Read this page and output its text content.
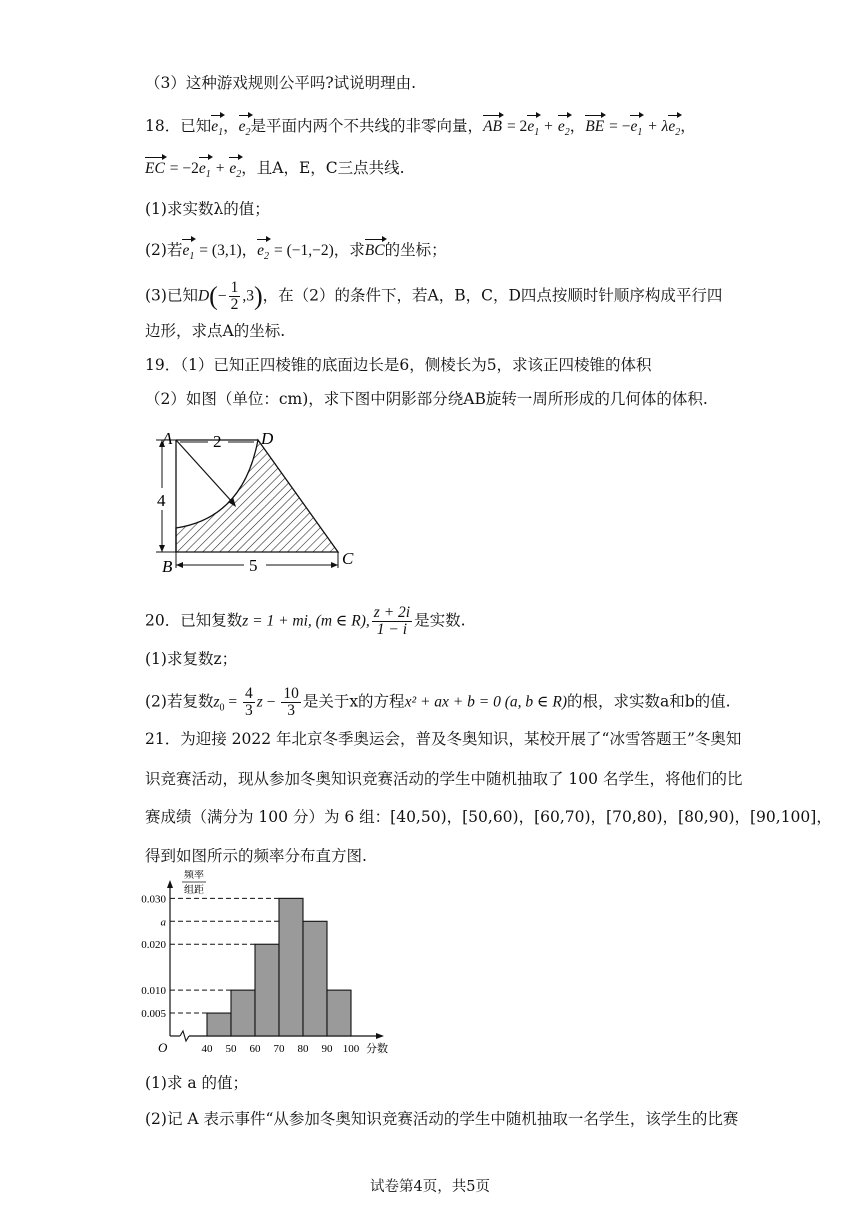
（3）这种游戏规则公平吗?试说明理由.
18．已知$e_1$，$e_2$是平面内两个不共线的非零向量，AB = $2e_1 + e_2$，BE = $-e_1 + \lambda e_2$，
EC = $-2e_1 + e_2$，且A，E，C三点共线.
(1)求实数λ的值；
(2)若$e_1 = (3,1)$，$e_2 = (-1,-2)$，求BC的坐标；
(3)已知$D(- \frac{1}{2} ,3)$，在（2）的条件下，若A，B，C，D四点按顺时针顺序构成平行四
边形，求点A的坐标.
19．（1）已知正四棱锥的底面边长是6，侧棱长为5，求该正四棱锥的体积
（2）如图（单位：cm)，求下图中阴影部分绕AB旋转一周所形成的几何体的体积.
A	D
B	C
2
4
5
20．已知复数z = 1 + mi, (m ∈ R), $\frac{z + 2i}{1 - i}$ 是实数.
(1)求复数z；
(2)若复数$z_0 = \frac{4}{3}$ $z - \frac{10}{3}$ 是关于x的方程x² + ax + b = 0 (a, b ∈ R)的根，求实数a和b的值.
21．为迎接 2022 年北京冬季奥运会，普及冬奥知识，某校开展了“冰雪答题王”冬奥知
识竞赛活动，现从参加冬奥知识竞赛活动的学生中随机抽取了 100 名学生，将他们的比
赛成绩（满分为 100 分）为 6 组：[40,50)，[50,60)，[60,70)，[70,80)，[80,90)，[90,100]，
得到如图所示的频率分布直方图.
0.030
a
0.020
0.010
0.005
40 50 60 70 80 90 100
频率
组距
分数
O
(1)求 a 的值；
(2)记 A 表示事件“从参加冬奥知识竞赛活动的学生中随机抽取一名学生，该学生的比赛
试卷第4页，共5页
